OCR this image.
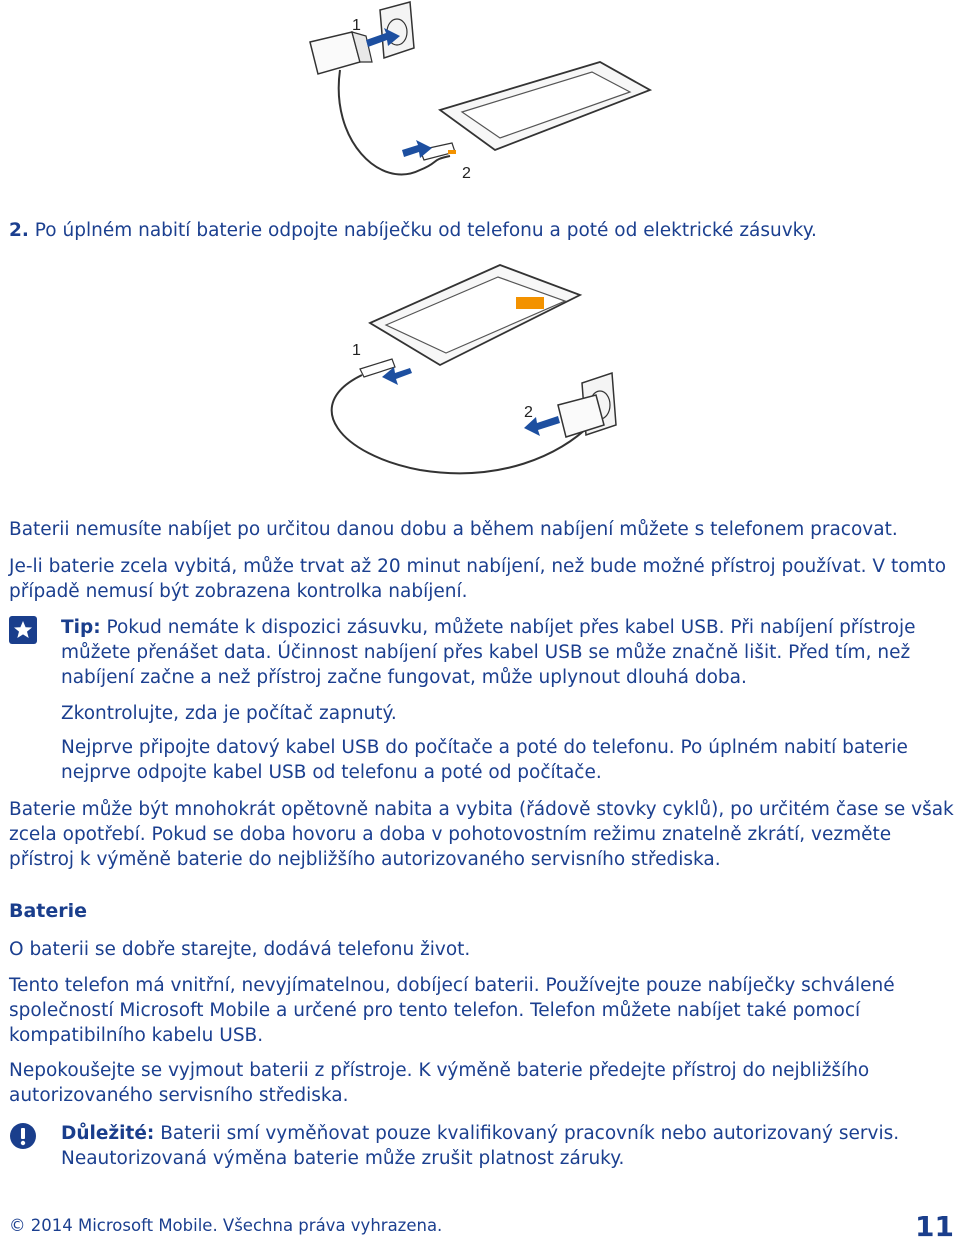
1
2

2. Po úplném nabití baterie odpojte nabíječku od telefonu a poté od elektrické zásuvky.

1
2

Baterii nemusíte nabíjet po určitou danou dobu a během nabíjení můžete s telefonem pracovat.

Je-li baterie zcela vybitá, může trvat až 20 minut nabíjení, než bude možné přístroj používat. V tomto případě nemusí být zobrazena kontrolka nabíjení.

Tip: Pokud nemáte k dispozici zásuvku, můžete nabíjet přes kabel USB. Při nabíjení přístroje můžete přenášet data. Účinnost nabíjení přes kabel USB se může značně lišit. Před tím, než nabíjení začne a než přístroj začne fungovat, může uplynout dlouhá doba.

Zkontrolujte, zda je počítač zapnutý.

Nejprve připojte datový kabel USB do počítače a poté do telefonu. Po úplném nabití baterie nejprve odpojte kabel USB od telefonu a poté od počítače.

Baterie může být mnohokrát opětovně nabita a vybita (řádově stovky cyklů), po určitém čase se však zcela opotřebí. Pokud se doba hovoru a doba v pohotovostním režimu znatelně zkrátí, vezměte přístroj k výměně baterie do nejbližšího autorizovaného servisního střediska.

Baterie

O baterii se dobře starejte, dodává telefonu život.

Tento telefon má vnitřní, nevyjímatelnou, dobíjecí baterii. Používejte pouze nabíječky schválené společností Microsoft Mobile a určené pro tento telefon. Telefon můžete nabíjet také pomocí kompatibilního kabelu USB.

Nepokoušejte se vyjmout baterii z přístroje. K výměně baterie předejte přístroj do nejbližšího autorizovaného servisního střediska.

Důležité: Baterii smí vyměňovat pouze kvalifikovaný pracovník nebo autorizovaný servis. Neautorizovaná výměna baterie může zrušit platnost záruky.

© 2014 Microsoft Mobile. Všechna práva vyhrazena.	11
